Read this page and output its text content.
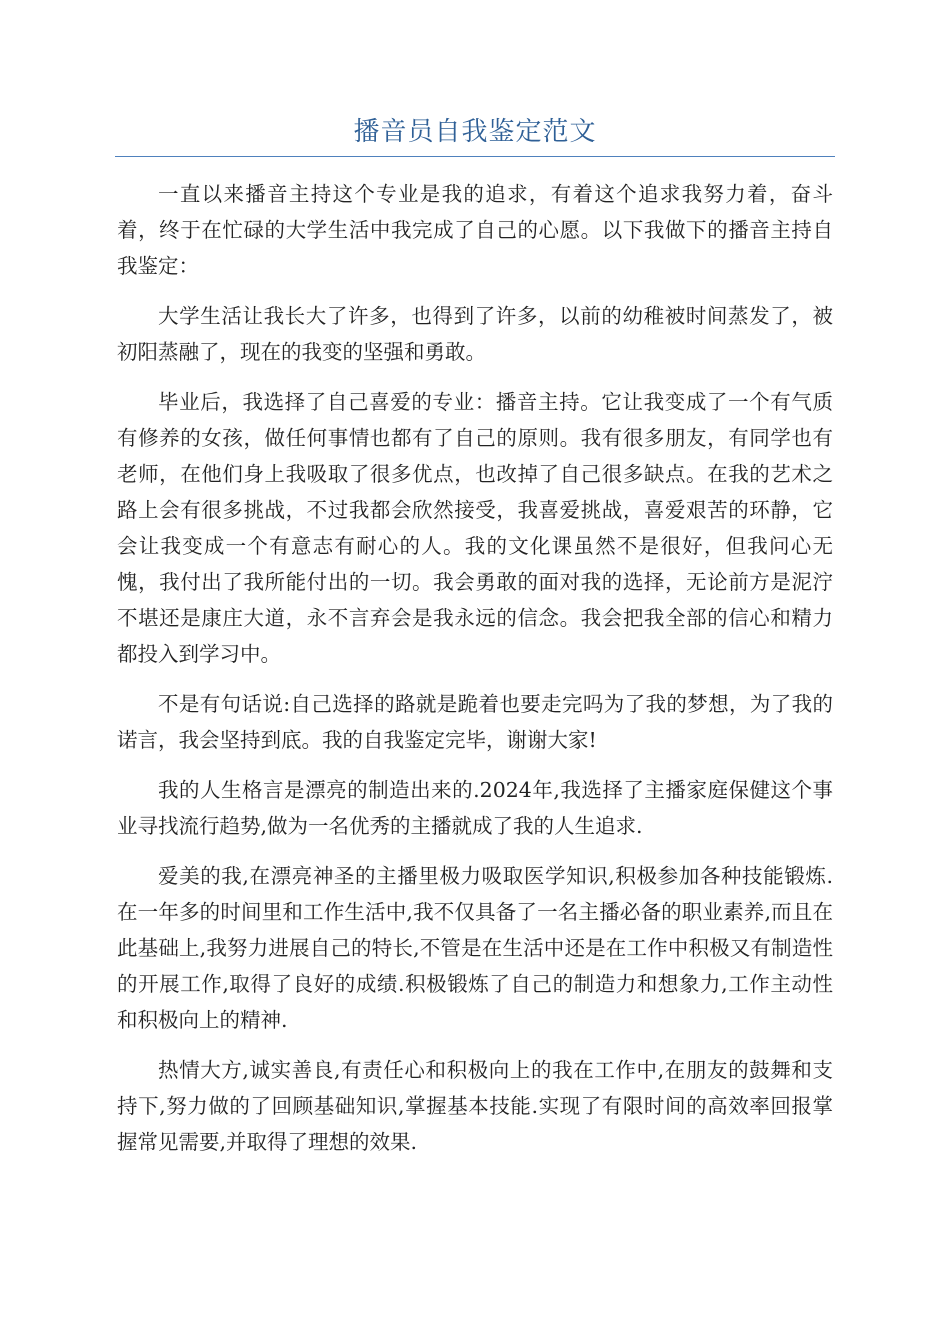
播音员自我鉴定范文

一直以来播音主持这个专业是我的追求，有着这个追求我努力着，奋斗着，终于在忙碌的大学生活中我完成了自己的心愿。以下我做下的播音主持自我鉴定：

大学生活让我长大了许多，也得到了许多，以前的幼稚被时间蒸发了，被初阳蒸融了，现在的我变的坚强和勇敢。

毕业后，我选择了自己喜爱的专业：播音主持。它让我变成了一个有气质有修养的女孩，做任何事情也都有了自己的原则。我有很多朋友，有同学也有老师，在他们身上我吸取了很多优点，也改掉了自己很多缺点。在我的艺术之路上会有很多挑战，不过我都会欣然接受，我喜爱挑战，喜爱艰苦的环静，它会让我变成一个有意志有耐心的人。我的文化课虽然不是很好，但我问心无愧，我付出了我所能付出的一切。我会勇敢的面对我的选择，无论前方是泥泞不堪还是康庄大道，永不言弃会是我永远的信念。我会把我全部的信心和精力都投入到学习中。

不是有句话说:自己选择的路就是跪着也要走完吗为了我的梦想，为了我的诺言，我会坚持到底。我的自我鉴定完毕，谢谢大家!

我的人生格言是漂亮的制造出来的.2024年,我选择了主播家庭保健这个事业寻找流行趋势,做为一名优秀的主播就成了我的人生追求.

爱美的我,在漂亮神圣的主播里极力吸取医学知识,积极参加各种技能锻炼.在一年多的时间里和工作生活中,我不仅具备了一名主播必备的职业素养,而且在此基础上,我努力进展自己的特长,不管是在生活中还是在工作中积极又有制造性的开展工作,取得了良好的成绩.积极锻炼了自己的制造力和想象力,工作主动性和积极向上的精神.

热情大方,诚实善良,有责任心和积极向上的我在工作中,在朋友的鼓舞和支持下,努力做的了回顾基础知识,掌握基本技能.实现了有限时间的高效率回报掌握常见需要,并取得了理想的效果.
